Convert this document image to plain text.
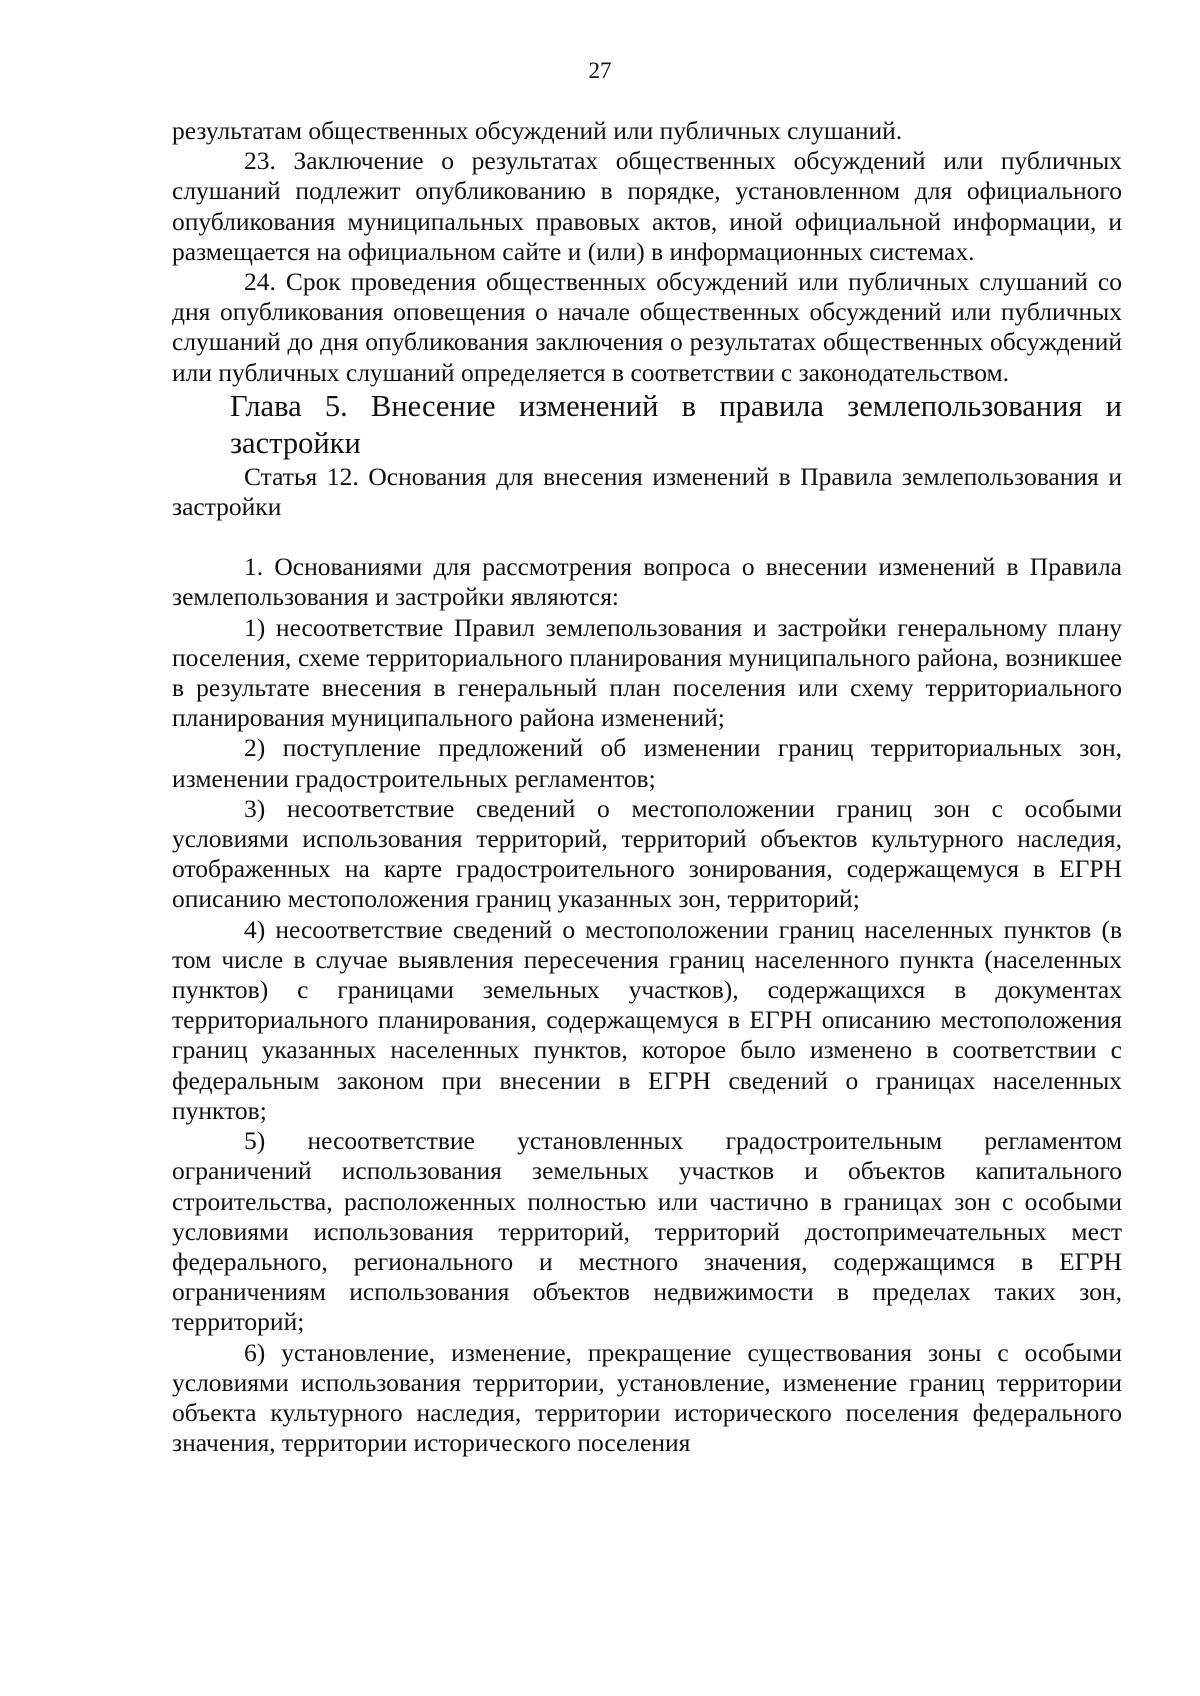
27

результатам общественных обсуждений или публичных слушаний.

23. Заключение о результатах общественных обсуждений или публичных слушаний подлежит опубликованию в порядке, установленном для официального опубликования муниципальных правовых актов, иной официальной информации, и размещается на официальном сайте и (или) в информационных системах.

24. Срок проведения общественных обсуждений или публичных слушаний со дня опубликования оповещения о начале общественных обсуждений или публичных слушаний до дня опубликования заключения о результатах общественных обсуждений или публичных слушаний определяется в соответствии с законодательством.

Глава 5. Внесение изменений в правила землепользования и застройки

Статья 12. Основания для внесения изменений в Правила землепользования и застройки

1. Основаниями для рассмотрения вопроса о внесении изменений в Правила землепользования и застройки являются:

1) несоответствие Правил землепользования и застройки генеральному плану поселения, схеме территориального планирования муниципального района, возникшее в результате внесения в генеральный план поселения или схему территориального планирования муниципального района изменений;

2) поступление предложений об изменении границ территориальных зон, изменении градостроительных регламентов;

3) несоответствие сведений о местоположении границ зон с особыми условиями использования территорий, территорий объектов культурного наследия, отображенных на карте градостроительного зонирования, содержащемуся в ЕГРН описанию местоположения границ указанных зон, территорий;

4) несоответствие сведений о местоположении границ населенных пунктов (в том числе в случае выявления пересечения границ населенного пункта (населенных пунктов) с границами земельных участков), содержащихся в документах территориального планирования, содержащемуся в ЕГРН описанию местоположения границ указанных населенных пунктов, которое было изменено в соответствии с федеральным законом при внесении в ЕГРН сведений о границах населенных пунктов;

5) несоответствие установленных градостроительным регламентом ограничений использования земельных участков и объектов капитального строительства, расположенных полностью или частично в границах зон с особыми условиями использования территорий, территорий достопримечательных мест федерального, регионального и местного значения, содержащимся в ЕГРН ограничениям использования объектов недвижимости в пределах таких зон, территорий;

6) установление, изменение, прекращение существования зоны с особыми условиями использования территории, установление, изменение границ территории объекта культурного наследия, территории исторического поселения федерального значения, территории исторического поселения
